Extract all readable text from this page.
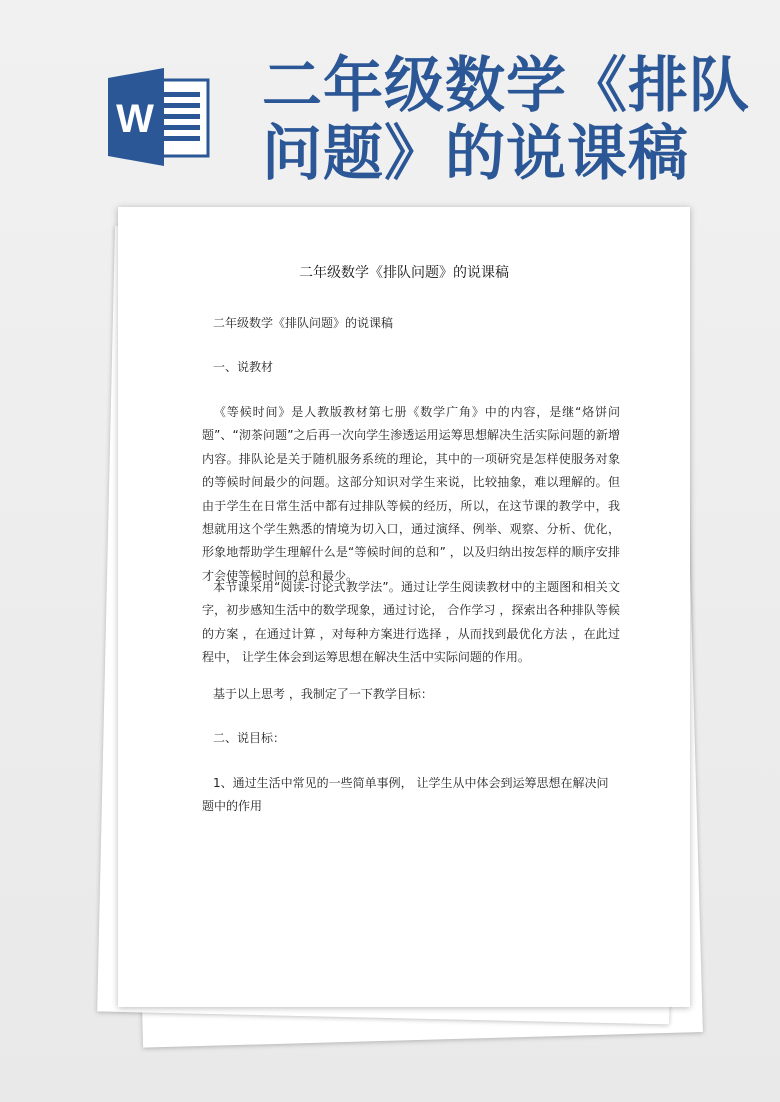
W 二年级数学《排队问题》的说课稿
二年级数学《排队问题》的说课稿
二年级数学《排队问题》的说课稿
一、说教材
《等候时间》是人教版教材第七册《数学广角》中的内容，是继“烙饼问题”、“沏茶问题”之后再一次向学生渗透运用运筹思想解决生活实际问题的新增内容。排队论是关于随机服务系统的理论，其中的一项研究是怎样使服务对象的等候时间最少的问题。这部分知识对学生来说，比较抽象，难以理解的。但由于学生在日常生活中都有过排队等候的经历，所以，在这节课的教学中，我想就用这个学生熟悉的情境为切入口，通过演绎、例举、观察、分析、优化， 形象地帮助学生理解什么是“等候时间的总和” ，以及归纳出按怎样的顺序安排才会使等候时间的总和最少。
本节课采用“阅读-讨论式教学法”。通过让学生阅读教材中的主题图和相关文字，初步感知生活中的数学现象，通过讨论， 合作学习 ，探索出各种排队等候的方案 ，在通过计算 ，对每种方案进行选择 ，从而找到最优化方法 ，在此过程中， 让学生体会到运筹思想在解决生活中实际问题的作用。
基于以上思考 ，我制定了一下教学目标：
二、说目标：
1、通过生活中常见的一些简单事例， 让学生从中体会到运筹思想在解决问题中的作用
